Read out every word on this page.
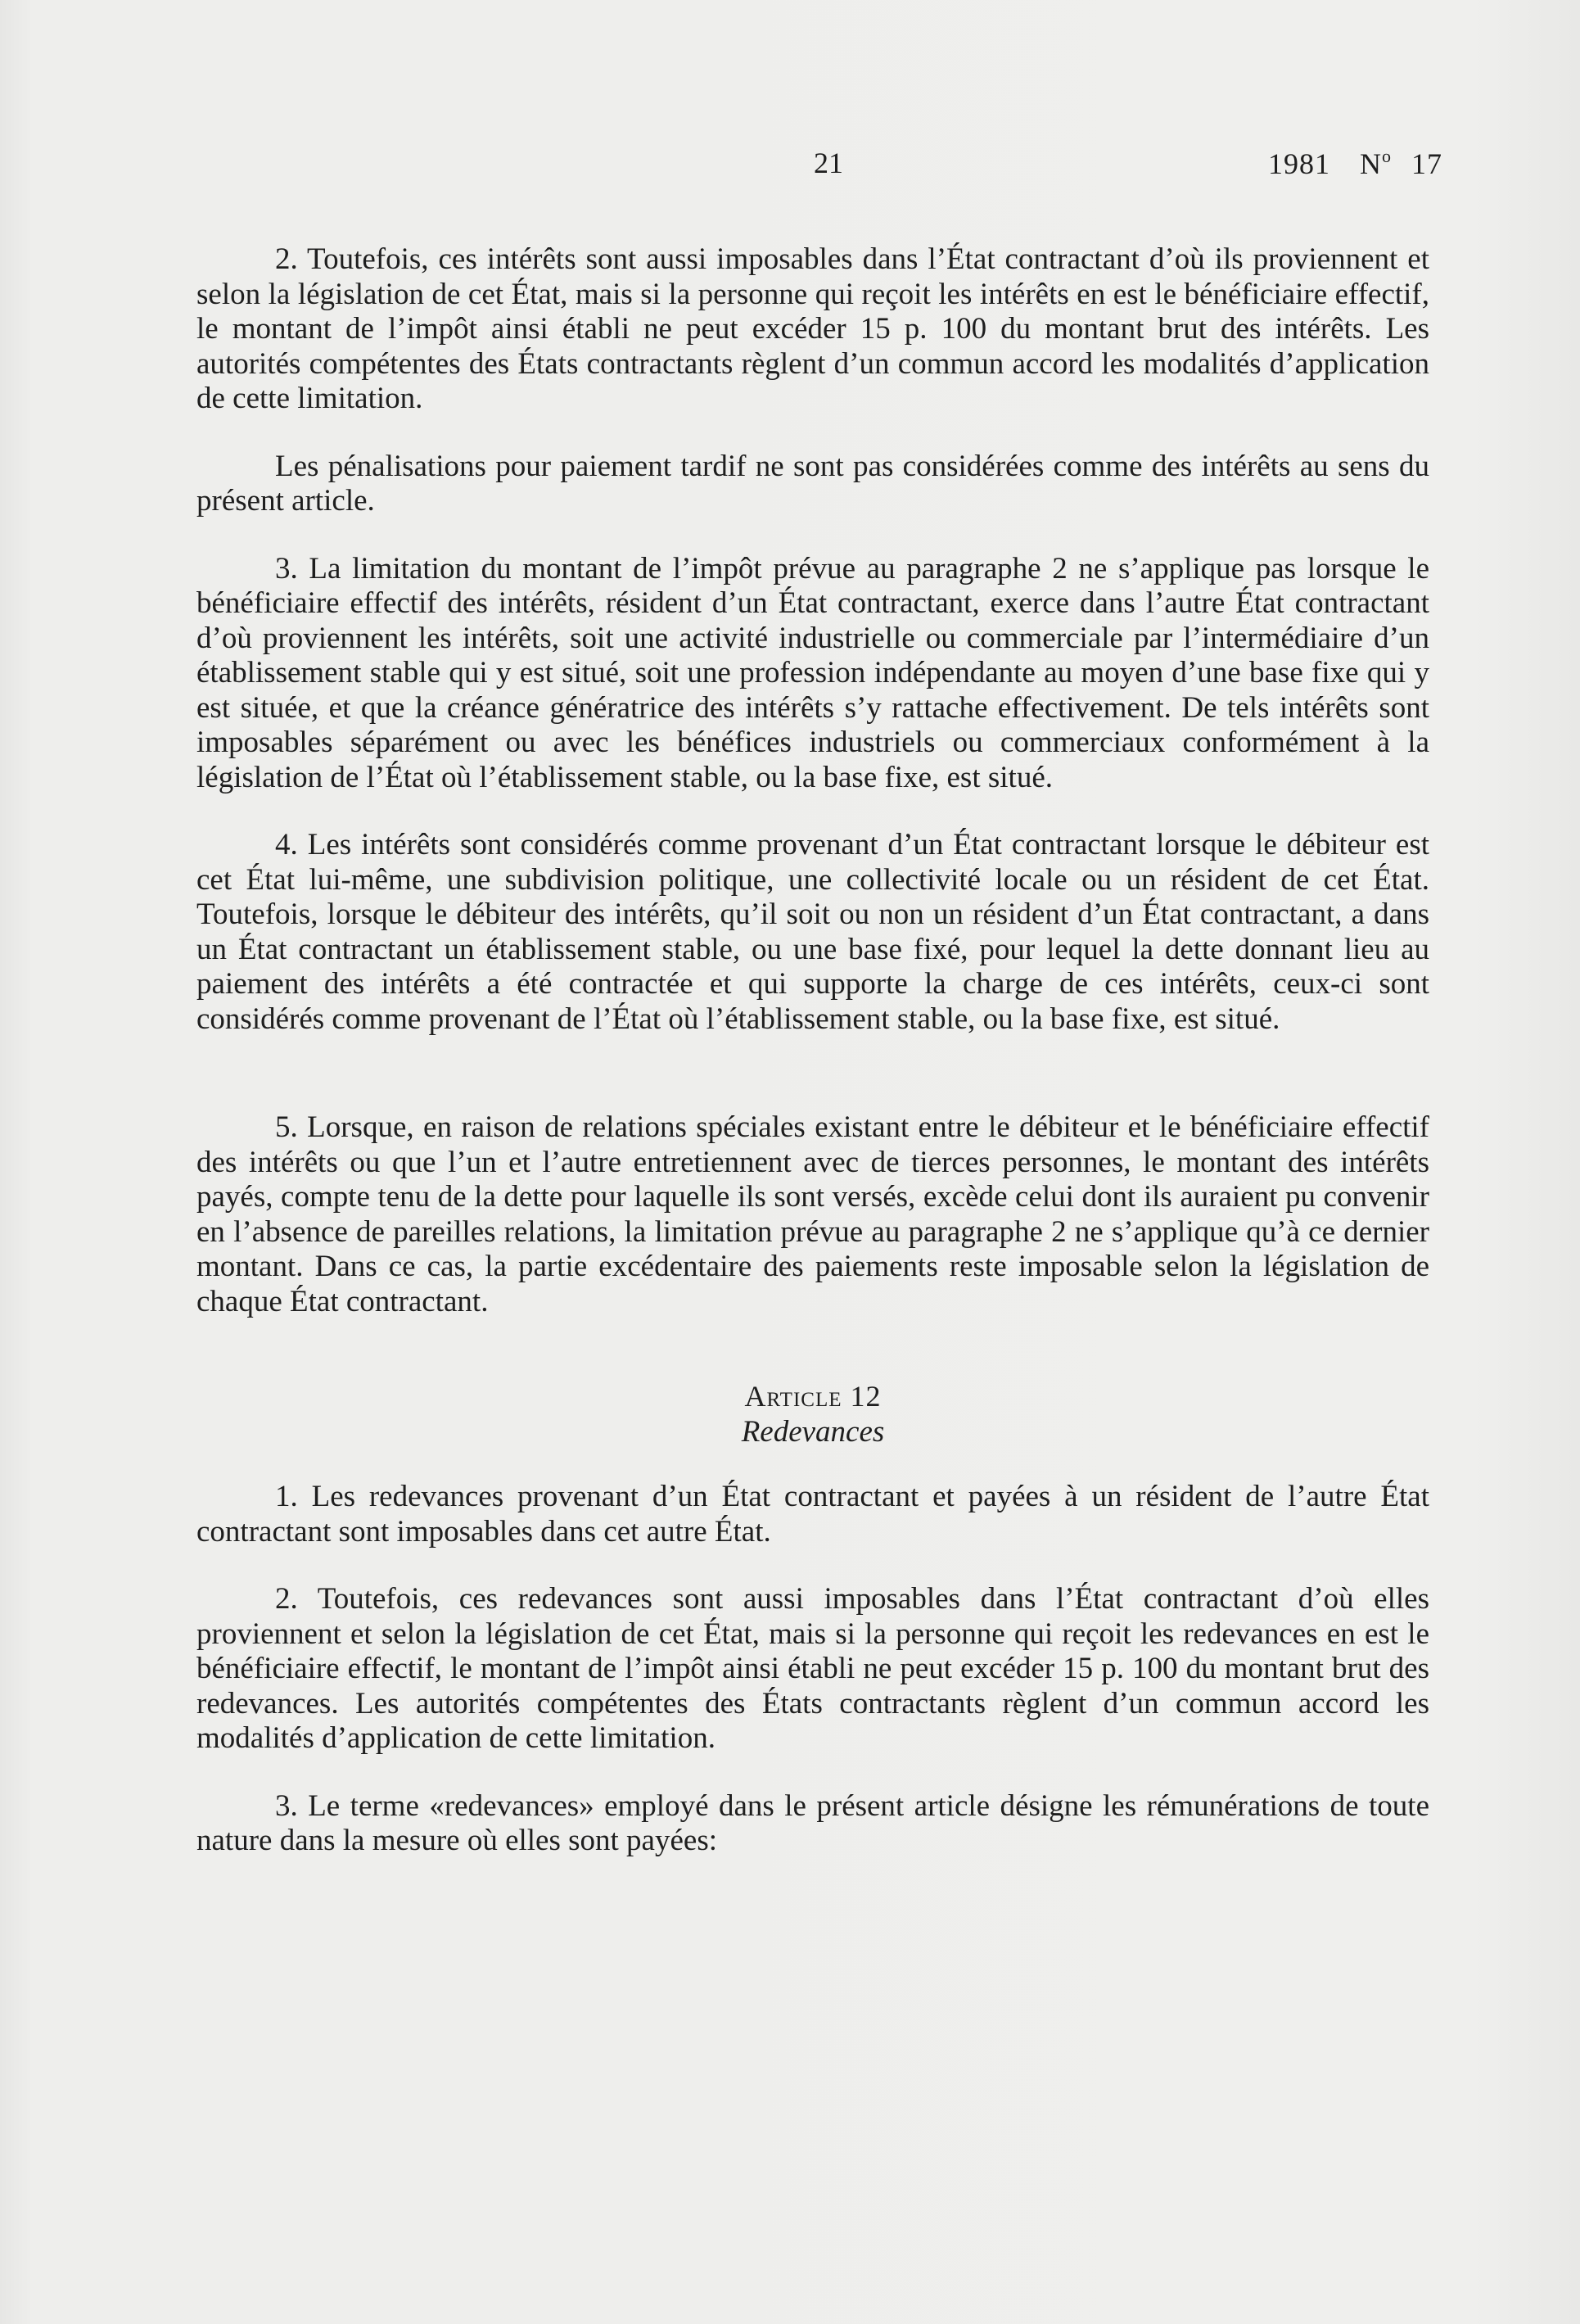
21	1981 $N^o$ 17

2. Toutefois, ces intérêts sont aussi imposables dans l’État contractant d’où ils proviennent et selon la législation de cet État, mais si la personne qui reçoit les intérêts en est le bénéficiaire effectif, le montant de l’impôt ainsi établi ne peut excéder 15 p. 100 du montant brut des intérêts. Les autorités compétentes des États contractants règlent d’un commun accord les modalités d’application de cette limitation.

Les pénalisations pour paiement tardif ne sont pas considérées comme des intérêts au sens du présent article.

3. La limitation du montant de l’impôt prévue au paragraphe 2 ne s’applique pas lorsque le bénéficiaire effectif des intérêts, résident d’un État contractant, exerce dans l’autre État contractant d’où proviennent les intérêts, soit une activité industrielle ou commerciale par l’intermédiaire d’un établissement stable qui y est situé, soit une profession indépendante au moyen d’une base fixe qui y est située, et que la créance génératrice des intérêts s’y rattache effectivement. De tels intérêts sont imposables séparément ou avec les bénéfices industriels ou commerciaux conformément à la législation de l’État où l’établissement stable, ou la base fixe, est situé.

4. Les intérêts sont considérés comme provenant d’un État contractant lorsque le débiteur est cet État lui-même, une subdivision politique, une collectivité locale ou un résident de cet État. Toutefois, lorsque le débiteur des intérêts, qu’il soit ou non un résident d’un État contractant, a dans un État contractant un établissement stable, ou une base fixé, pour lequel la dette donnant lieu au paiement des intérêts a été contractée et qui supporte la charge de ces intérêts, ceux-ci sont considérés comme provenant de l’État où l’établissement stable, ou la base fixe, est situé.

5. Lorsque, en raison de relations spéciales existant entre le débiteur et le bénéficiaire effectif des intérêts ou que l’un et l’autre entretiennent avec de tierces personnes, le montant des intérêts payés, compte tenu de la dette pour laquelle ils sont versés, excède celui dont ils auraient pu convenir en l’absence de pareilles relations, la limitation prévue au paragraphe 2 ne s’applique qu’à ce dernier montant. Dans ce cas, la partie excédentaire des paiements reste imposable selon la législation de chaque État contractant.

Article 12
Redevances

1. Les redevances provenant d’un État contractant et payées à un résident de l’autre État contractant sont imposables dans cet autre État.

2. Toutefois, ces redevances sont aussi imposables dans l’État contractant d’où elles proviennent et selon la législation de cet État, mais si la personne qui reçoit les redevances en est le bénéficiaire effectif, le montant de l’impôt ainsi établi ne peut excéder 15 p. 100 du montant brut des redevances. Les autorités compétentes des États contractants règlent d’un commun accord les modalités d’application de cette limitation.

3. Le terme «redevances» employé dans le présent article désigne les rémunérations de toute nature dans la mesure où elles sont payées:
